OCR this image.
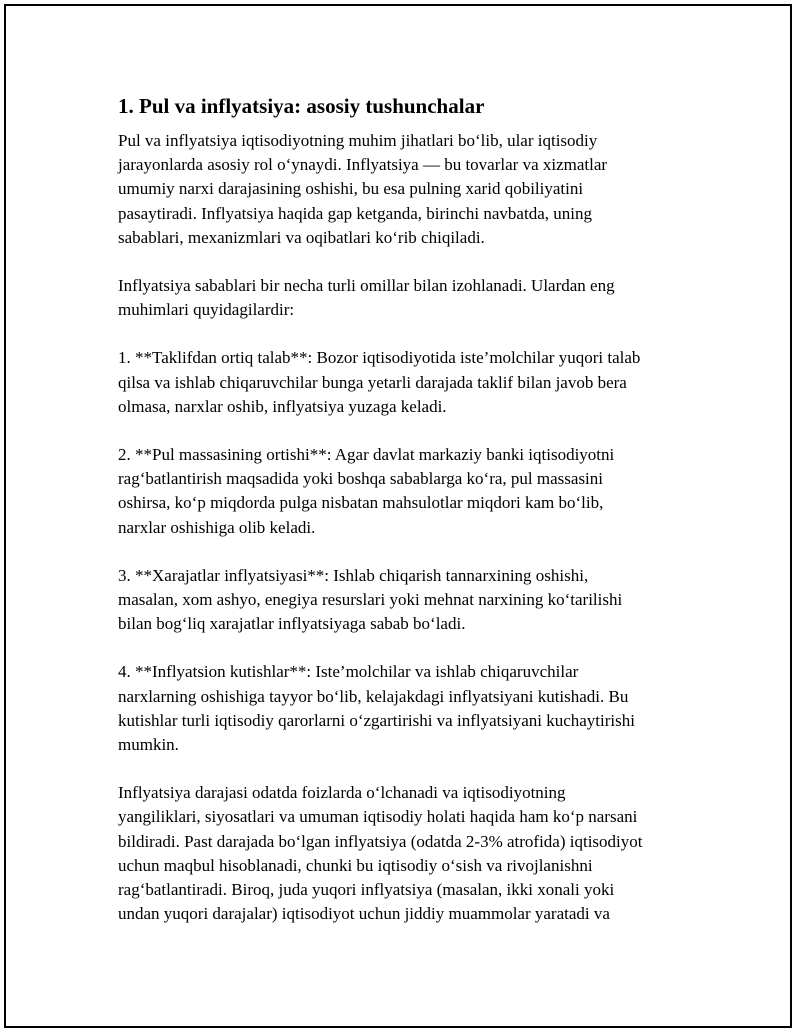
1. Pul va inflyatsiya: asosiy tushunchalar

Pul va inflyatsiya iqtisodiyotning muhim jihatlari bo‘lib, ular iqtisodiy
jarayonlarda asosiy rol o‘ynaydi. Inflyatsiya — bu tovarlar va xizmatlar
umumiy narxi darajasining oshishi, bu esa pulning xarid qobiliyatini
pasaytiradi. Inflyatsiya haqida gap ketganda, birinchi navbatda, uning
sabablari, mexanizmlari va oqibatlari ko‘rib chiqiladi.

Inflyatsiya sabablari bir necha turli omillar bilan izohlanadi. Ulardan eng
muhimlari quyidagilardir:

1. **Taklifdan ortiq talab**: Bozor iqtisodiyotida iste’molchilar yuqori talab
qilsa va ishlab chiqaruvchilar bunga yetarli darajada taklif bilan javob bera
olmasa, narxlar oshib, inflyatsiya yuzaga keladi.

2. **Pul massasining ortishi**: Agar davlat markaziy banki iqtisodiyotni
rag‘batlantirish maqsadida yoki boshqa sabablarga ko‘ra, pul massasini
oshirsa, ko‘p miqdorda pulga nisbatan mahsulotlar miqdori kam bo‘lib,
narxlar oshishiga olib keladi.

3. **Xarajatlar inflyatsiyasi**: Ishlab chiqarish tannarxining oshishi,
masalan, xom ashyo, enegiya resurslari yoki mehnat narxining ko‘tarilishi
bilan bog‘liq xarajatlar inflyatsiyaga sabab bo‘ladi.

4. **Inflyatsion kutishlar**: Iste’molchilar va ishlab chiqaruvchilar
narxlarning oshishiga tayyor bo‘lib, kelajakdagi inflyatsiyani kutishadi. Bu
kutishlar turli iqtisodiy qarorlarni o‘zgartirishi va inflyatsiyani kuchaytirishi
mumkin.

Inflyatsiya darajasi odatda foizlarda o‘lchanadi va iqtisodiyotning
yangiliklari, siyosatlari va umuman iqtisodiy holati haqida ham ko‘p narsani
bildiradi. Past darajada bo‘lgan inflyatsiya (odatda 2-3% atrofida) iqtisodiyot
uchun maqbul hisoblanadi, chunki bu iqtisodiy o‘sish va rivojlanishni
rag‘batlantiradi. Biroq, juda yuqori inflyatsiya (masalan, ikki xonali yoki
undan yuqori darajalar) iqtisodiyot uchun jiddiy muammolar yaratadi va
